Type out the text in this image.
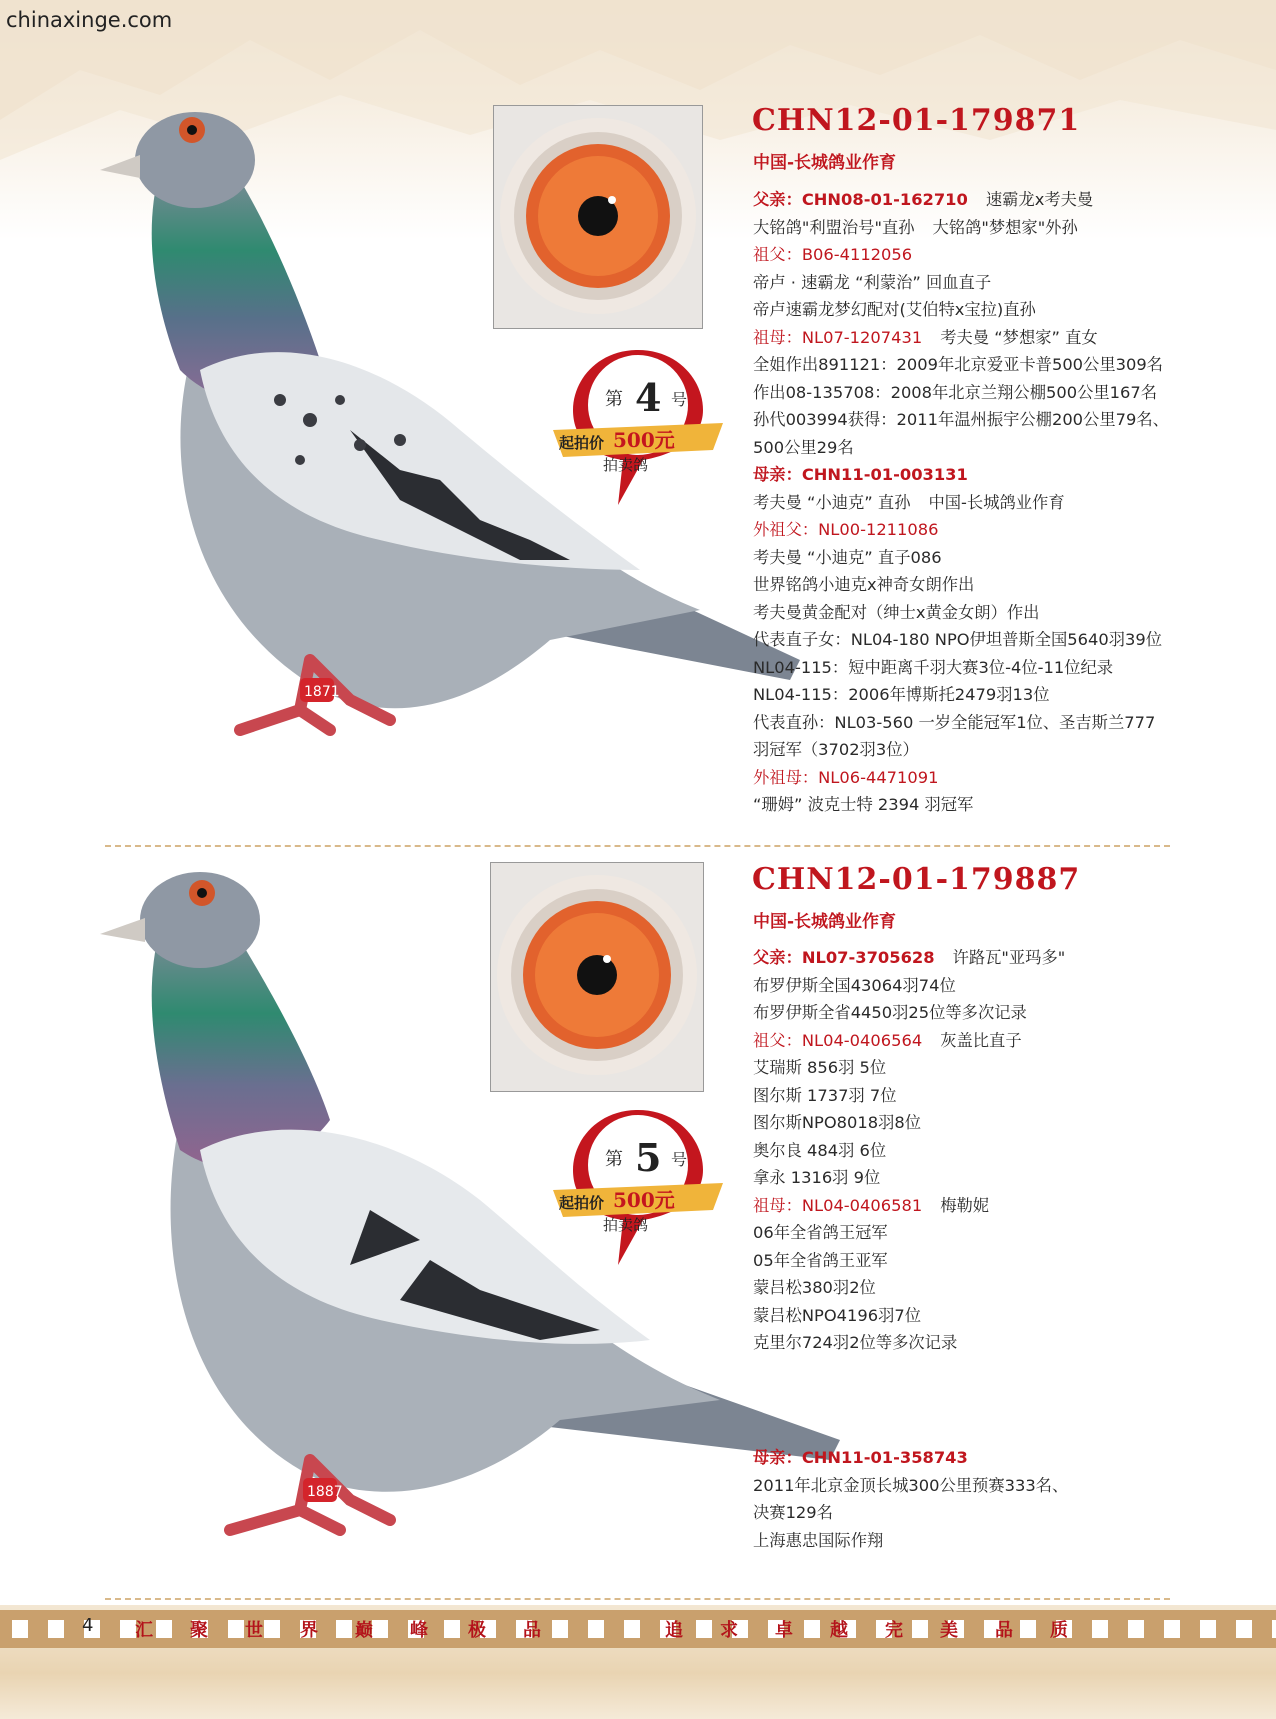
chinaxinge.com
1871
第 4 号
起拍价 500元
拍卖鸽
CHN12-01-179871
中国-长城鸽业作育
父亲：CHN08-01-162710 速霸龙x考夫曼
大铭鸽"利盟治号"直孙 大铭鸽"梦想家"外孙
祖父：B06-4112056
帝卢 · 速霸龙 “利蒙治” 回血直子
帝卢速霸龙梦幻配对(艾伯特x宝拉)直孙
祖母：NL07-1207431 考夫曼 “梦想家” 直女
全姐作出891121：2009年北京爱亚卡普500公里309名
作出08-135708：2008年北京兰翔公棚500公里167名
孙代003994获得：2011年温州振宇公棚200公里79名、
500公里29名
母亲：CHN11-01-003131
考夫曼 “小迪克” 直孙 中国-长城鸽业作育
外祖父：NL00-1211086
考夫曼 “小迪克” 直子086
世界铭鸽小迪克x神奇女朗作出
考夫曼黄金配对（绅士x黄金女朗）作出
代表直子女：NL04-180 NPO伊坦普斯全国5640羽39位
NL04-115：短中距离千羽大赛3位-4位-11位纪录
NL04-115：2006年博斯托2479羽13位
代表直孙：NL03-560 一岁全能冠军1位、圣吉斯兰777
羽冠军（3702羽3位）
外祖母：NL06-4471091
“珊姆” 波克士特 2394 羽冠军
1887
第 5 号
起拍价 500元
拍卖鸽
CHN12-01-179887
中国-长城鸽业作育
父亲：NL07-3705628 许路瓦"亚玛多"
布罗伊斯全国43064羽74位
布罗伊斯全省4450羽25位等多次记录
祖父：NL04-0406564 灰盖比直子
艾瑞斯 856羽 5位
图尔斯 1737羽 7位
图尔斯NPO8018羽8位
奥尔良 484羽 6位
拿永 1316羽 9位
祖母：NL04-0406581 梅勒妮
06年全省鸽王冠军
05年全省鸽王亚军
蒙吕松380羽2位
蒙吕松NPO4196羽7位
克里尔724羽2位等多次记录
母亲：CHN11-01-358743
2011年北京金顶长城300公里预赛333名、
决赛129名
上海惠忠国际作翔
4 汇 聚 世 界 巅 峰 极 品	追 求 卓 越 完 美 品 质
